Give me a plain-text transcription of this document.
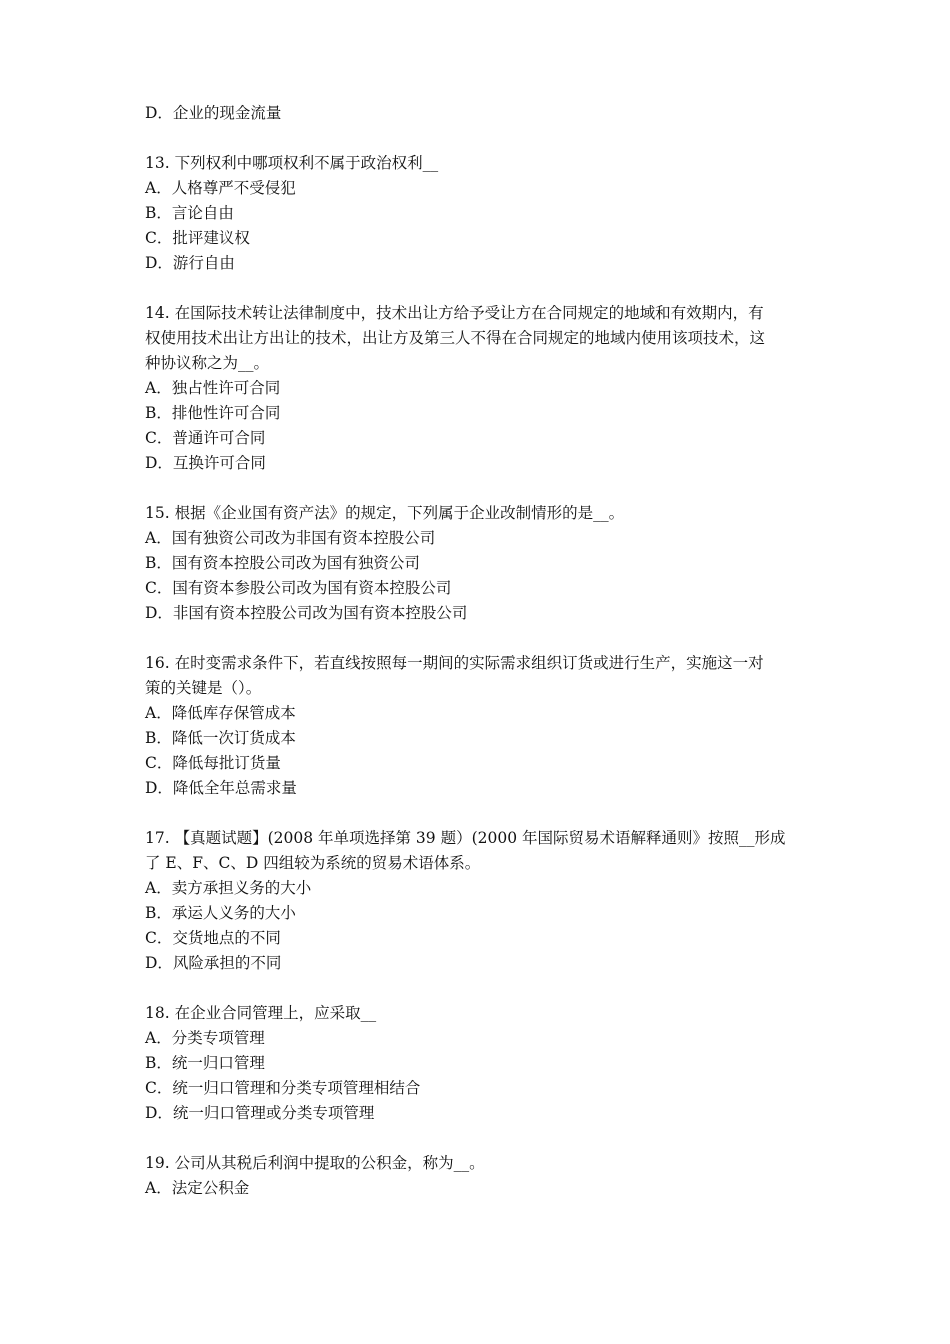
D．企业的现金流量
13. 下列权利中哪项权利不属于政治权利__
A．人格尊严不受侵犯
B．言论自由
C．批评建议权
D．游行自由
14. 在国际技术转让法律制度中，技术出让方给予受让方在合同规定的地域和有效期内，有
权使用技术出让方出让的技术，出让方及第三人不得在合同规定的地域内使用该项技术，这
种协议称之为__。
A．独占性许可合同
B．排他性许可合同
C．普通许可合同
D．互换许可合同
15. 根据《企业国有资产法》的规定，下列属于企业改制情形的是__。
A．国有独资公司改为非国有资本控股公司
B．国有资本控股公司改为国有独资公司
C．国有资本参股公司改为国有资本控股公司
D．非国有资本控股公司改为国有资本控股公司
16. 在时变需求条件下，若直线按照每一期间的实际需求组织订货或进行生产，实施这一对
策的关键是（）。
A．降低库存保管成本
B．降低一次订货成本
C．降低每批订货量
D．降低全年总需求量
17. 【真题试题】(2008 年单项选择第 39 题）(2000 年国际贸易术语解释通则》按照__形成
了 E、F、C、D 四组较为系统的贸易术语体系。
A．卖方承担义务的大小
B．承运人义务的大小
C．交货地点的不同
D．风险承担的不同
18. 在企业合同管理上，应采取__
A．分类专项管理
B．统一归口管理
C．统一归口管理和分类专项管理相结合
D．统一归口管理或分类专项管理
19. 公司从其税后利润中提取的公积金，称为__。
A．法定公积金
